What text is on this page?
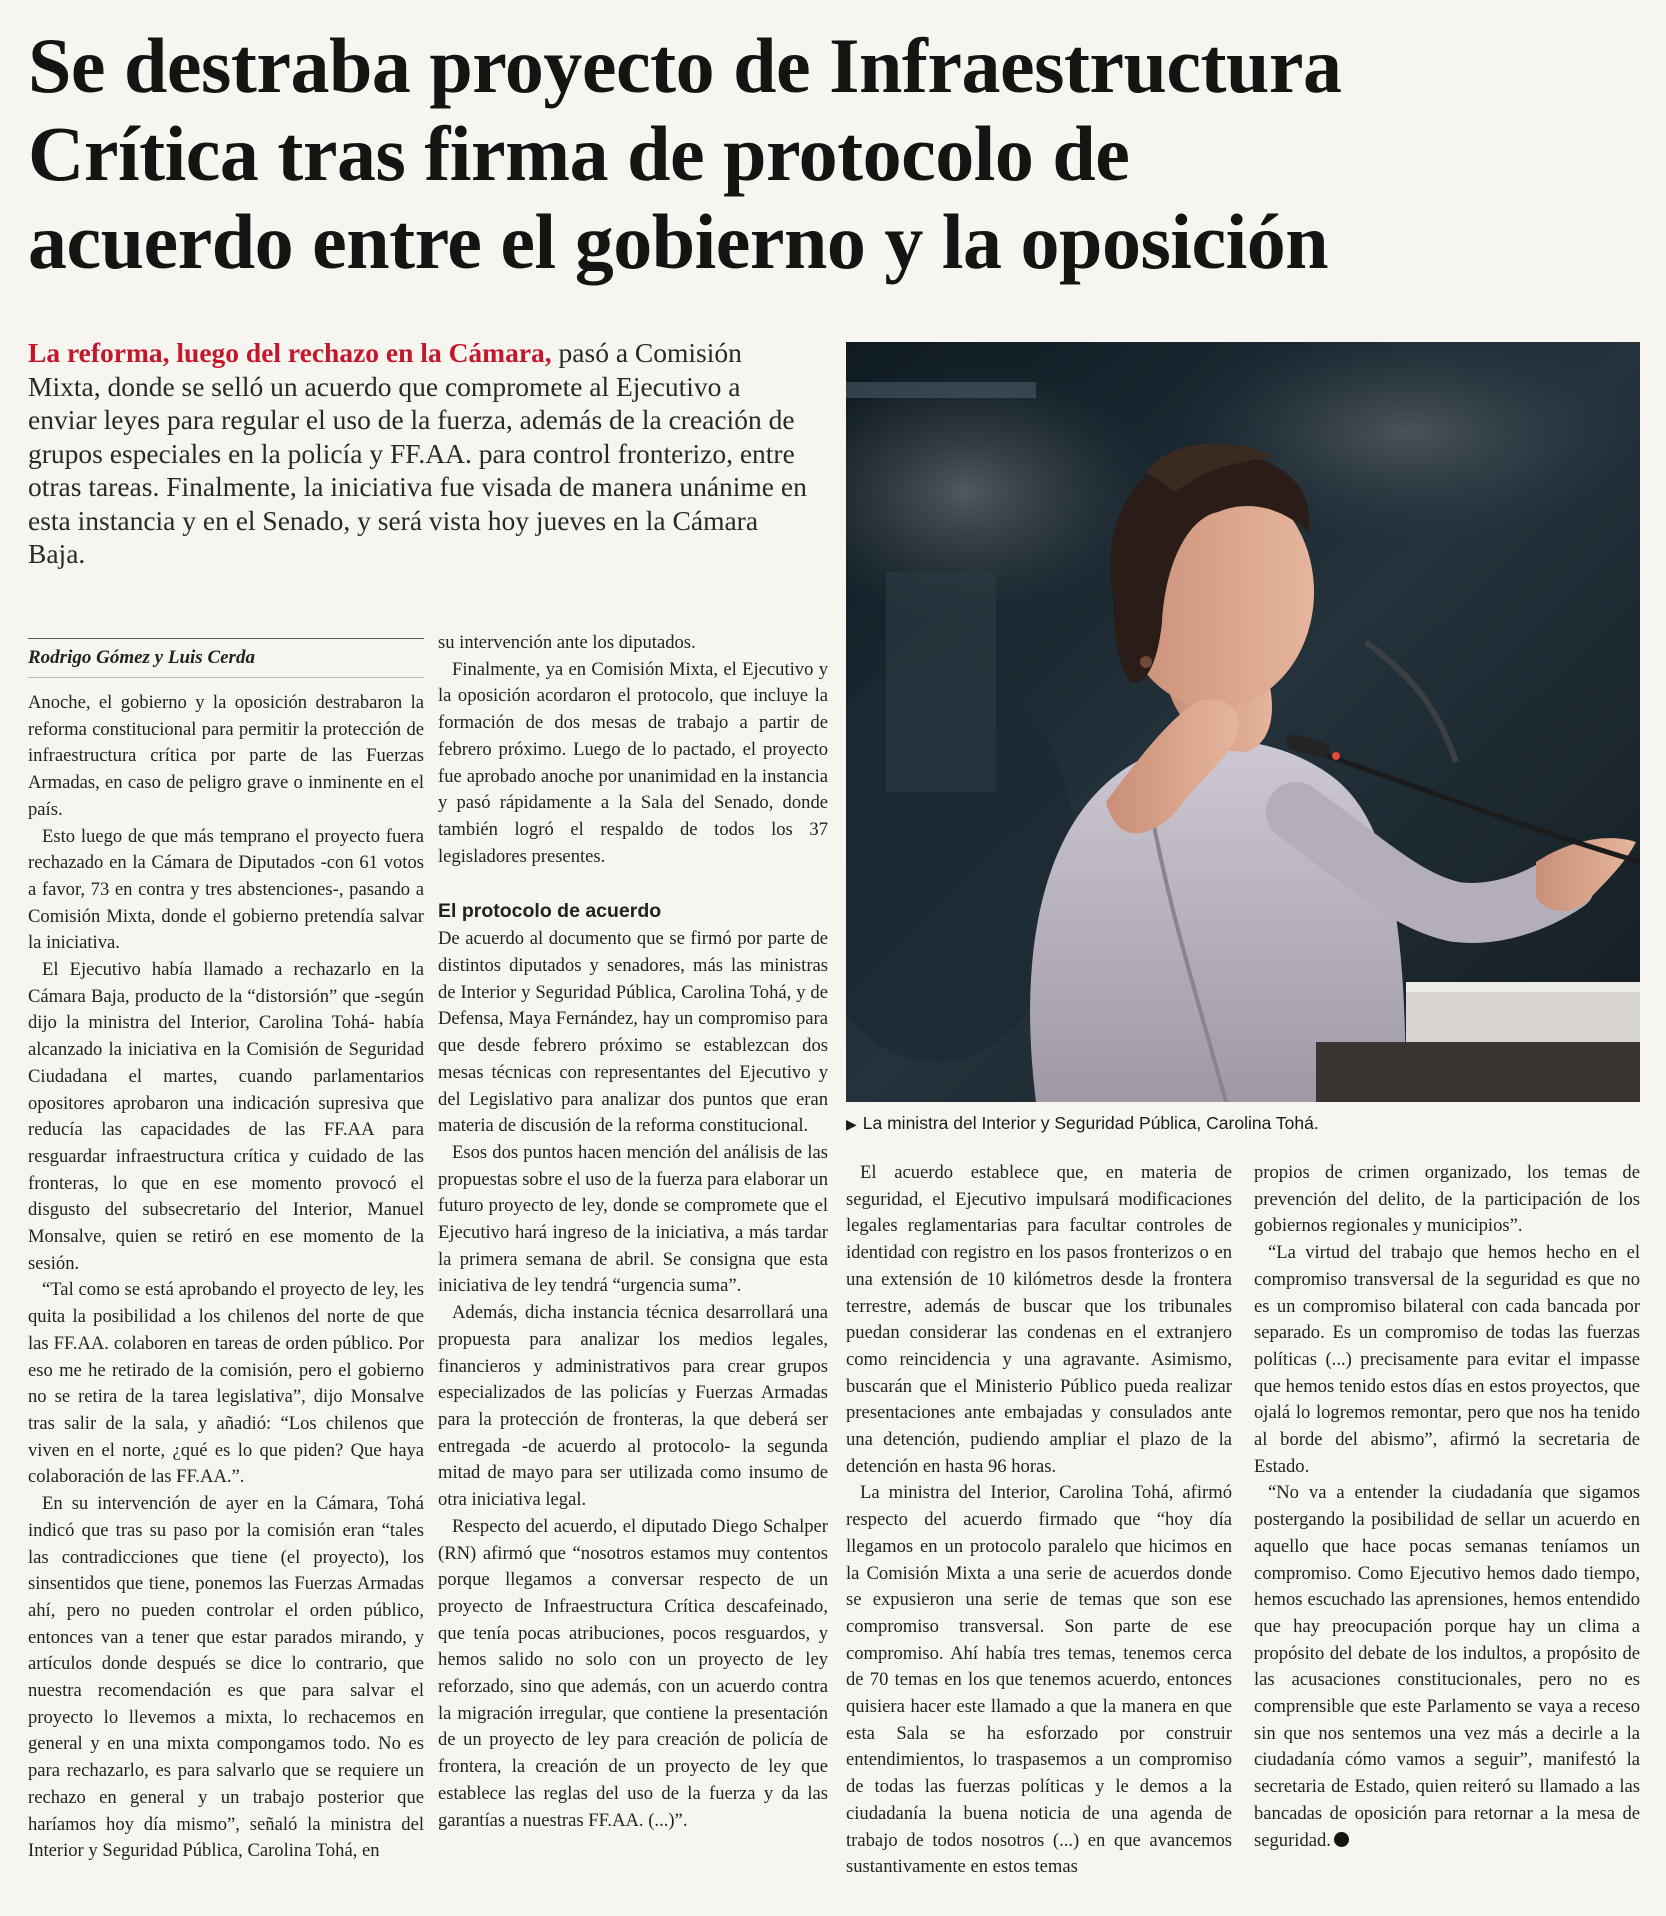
Se destraba proyecto de Infraestructura
Crítica tras firma de protocolo de
acuerdo entre el gobierno y la oposición

La reforma, luego del rechazo en la Cámara, pasó a Comisión Mixta, donde se selló un acuerdo que compromete al Ejecutivo a enviar leyes para regular el uso de la fuerza, además de la creación de grupos especiales en la policía y FF.AA. para control fronterizo, entre otras tareas. Finalmente, la iniciativa fue visada de manera unánime en esta instancia y en el Senado, y será vista hoy jueves en la Cámara Baja.

▶ La ministra del Interior y Seguridad Pública, Carolina Tohá.
Rodrigo Gómez y Luis Cerda

Anoche, el gobierno y la oposición destrabaron la reforma constitucional para permitir la protección de infraestructura crítica por parte de las Fuerzas Armadas, en caso de peligro grave o inminente en el país.

Esto luego de que más temprano el proyecto fuera rechazado en la Cámara de Diputados -con 61 votos a favor, 73 en contra y tres abstenciones-, pasando a Comisión Mixta, donde el gobierno pretendía salvar la iniciativa.

El Ejecutivo había llamado a rechazarlo en la Cámara Baja, producto de la “distorsión” que -según dijo la ministra del Interior, Carolina Tohá- había alcanzado la iniciativa en la Comisión de Seguridad Ciudadana el martes, cuando parlamentarios opositores aprobaron una indicación supresiva que reducía las capacidades de las FF.AA para resguardar infraestructura crítica y cuidado de las fronteras, lo que en ese momento provocó el disgusto del subsecretario del Interior, Manuel Monsalve, quien se retiró en ese momento de la sesión.

“Tal como se está aprobando el proyecto de ley, les quita la posibilidad a los chilenos del norte de que las FF.AA. colaboren en tareas de orden público. Por eso me he retirado de la comisión, pero el gobierno no se retira de la tarea legislativa”, dijo Monsalve tras salir de la sala, y añadió: “Los chilenos que viven en el norte, ¿qué es lo que piden? Que haya colaboración de las FF.AA.”.

En su intervención de ayer en la Cámara, Tohá indicó que tras su paso por la comisión eran “tales las contradicciones que tiene (el proyecto), los sinsentidos que tiene, ponemos las Fuerzas Armadas ahí, pero no pueden controlar el orden público, entonces van a tener que estar parados mirando, y artículos donde después se dice lo contrario, que nuestra recomendación es que para salvar el proyecto lo llevemos a mixta, lo rechacemos en general y en una mixta compongamos todo. No es para rechazarlo, es para salvarlo que se requiere un rechazo en general y un trabajo posterior que haríamos hoy día mismo”, señaló la ministra del Interior y Seguridad Pública, Carolina Tohá, en

su intervención ante los diputados.

Finalmente, ya en Comisión Mixta, el Ejecutivo y la oposición acordaron el protocolo, que incluye la formación de dos mesas de trabajo a partir de febrero próximo. Luego de lo pactado, el proyecto fue aprobado anoche por unanimidad en la instancia y pasó rápidamente a la Sala del Senado, donde también logró el respaldo de todos los 37 legisladores presentes.

El protocolo de acuerdo

De acuerdo al documento que se firmó por parte de distintos diputados y senadores, más las ministras de Interior y Seguridad Pública, Carolina Tohá, y de Defensa, Maya Fernández, hay un compromiso para que desde febrero próximo se establezcan dos mesas técnicas con representantes del Ejecutivo y del Legislativo para analizar dos puntos que eran materia de discusión de la reforma constitucional.

Esos dos puntos hacen mención del análisis de las propuestas sobre el uso de la fuerza para elaborar un futuro proyecto de ley, donde se compromete que el Ejecutivo hará ingreso de la iniciativa, a más tardar la primera semana de abril. Se consigna que esta iniciativa de ley tendrá “urgencia suma”.

Además, dicha instancia técnica desarrollará una propuesta para analizar los medios legales, financieros y administrativos para crear grupos especializados de las policías y Fuerzas Armadas para la protección de fronteras, la que deberá ser entregada -de acuerdo al protocolo- la segunda mitad de mayo para ser utilizada como insumo de otra iniciativa legal.

Respecto del acuerdo, el diputado Diego Schalper (RN) afirmó que “nosotros estamos muy contentos porque llegamos a conversar respecto de un proyecto de Infraestructura Crítica descafeinado, que tenía pocas atribuciones, pocos resguardos, y hemos salido no solo con un proyecto de ley reforzado, sino que además, con un acuerdo contra la migración irregular, que contiene la presentación de un proyecto de ley para creación de policía de frontera, la creación de un proyecto de ley que establece las reglas del uso de la fuerza y da las garantías a nuestras FF.AA. (...)”.

El acuerdo establece que, en materia de seguridad, el Ejecutivo impulsará modificaciones legales reglamentarias para facultar controles de identidad con registro en los pasos fronterizos o en una extensión de 10 kilómetros desde la frontera terrestre, además de buscar que los tribunales puedan considerar las condenas en el extranjero como reincidencia y una agravante. Asimismo, buscarán que el Ministerio Público pueda realizar presentaciones ante embajadas y consulados ante una detención, pudiendo ampliar el plazo de la detención en hasta 96 horas.

La ministra del Interior, Carolina Tohá, afirmó respecto del acuerdo firmado que “hoy día llegamos en un protocolo paralelo que hicimos en la Comisión Mixta a una serie de acuerdos donde se expusieron una serie de temas que son ese compromiso transversal. Son parte de ese compromiso. Ahí había tres temas, tenemos cerca de 70 temas en los que tenemos acuerdo, entonces quisiera hacer este llamado a que la manera en que esta Sala se ha esforzado por construir entendimientos, lo traspasemos a un compromiso de todas las fuerzas políticas y le demos a la ciudadanía la buena noticia de una agenda de trabajo de todos nosotros (...) en que avancemos sustantivamente en estos temas

propios de crimen organizado, los temas de prevención del delito, de la participación de los gobiernos regionales y municipios”.

“La virtud del trabajo que hemos hecho en el compromiso transversal de la seguridad es que no es un compromiso bilateral con cada bancada por separado. Es un compromiso de todas las fuerzas políticas (...) precisamente para evitar el impasse que hemos tenido estos días en estos proyectos, que ojalá lo logremos remontar, pero que nos ha tenido al borde del abismo”, afirmó la secretaria de Estado.

“No va a entender la ciudadanía que sigamos postergando la posibilidad de sellar un acuerdo en aquello que hace pocas semanas teníamos un compromiso. Como Ejecutivo hemos dado tiempo, hemos escuchado las aprensiones, hemos entendido que hay preocupación porque hay un clima a propósito del debate de los indultos, a propósito de las acusaciones constitucionales, pero no es comprensible que este Parlamento se vaya a receso sin que nos sentemos una vez más a decirle a la ciudadanía cómo vamos a seguir”, manifestó la secretaria de Estado, quien reiteró su llamado a las bancadas de oposición para retornar a la mesa de seguridad.
